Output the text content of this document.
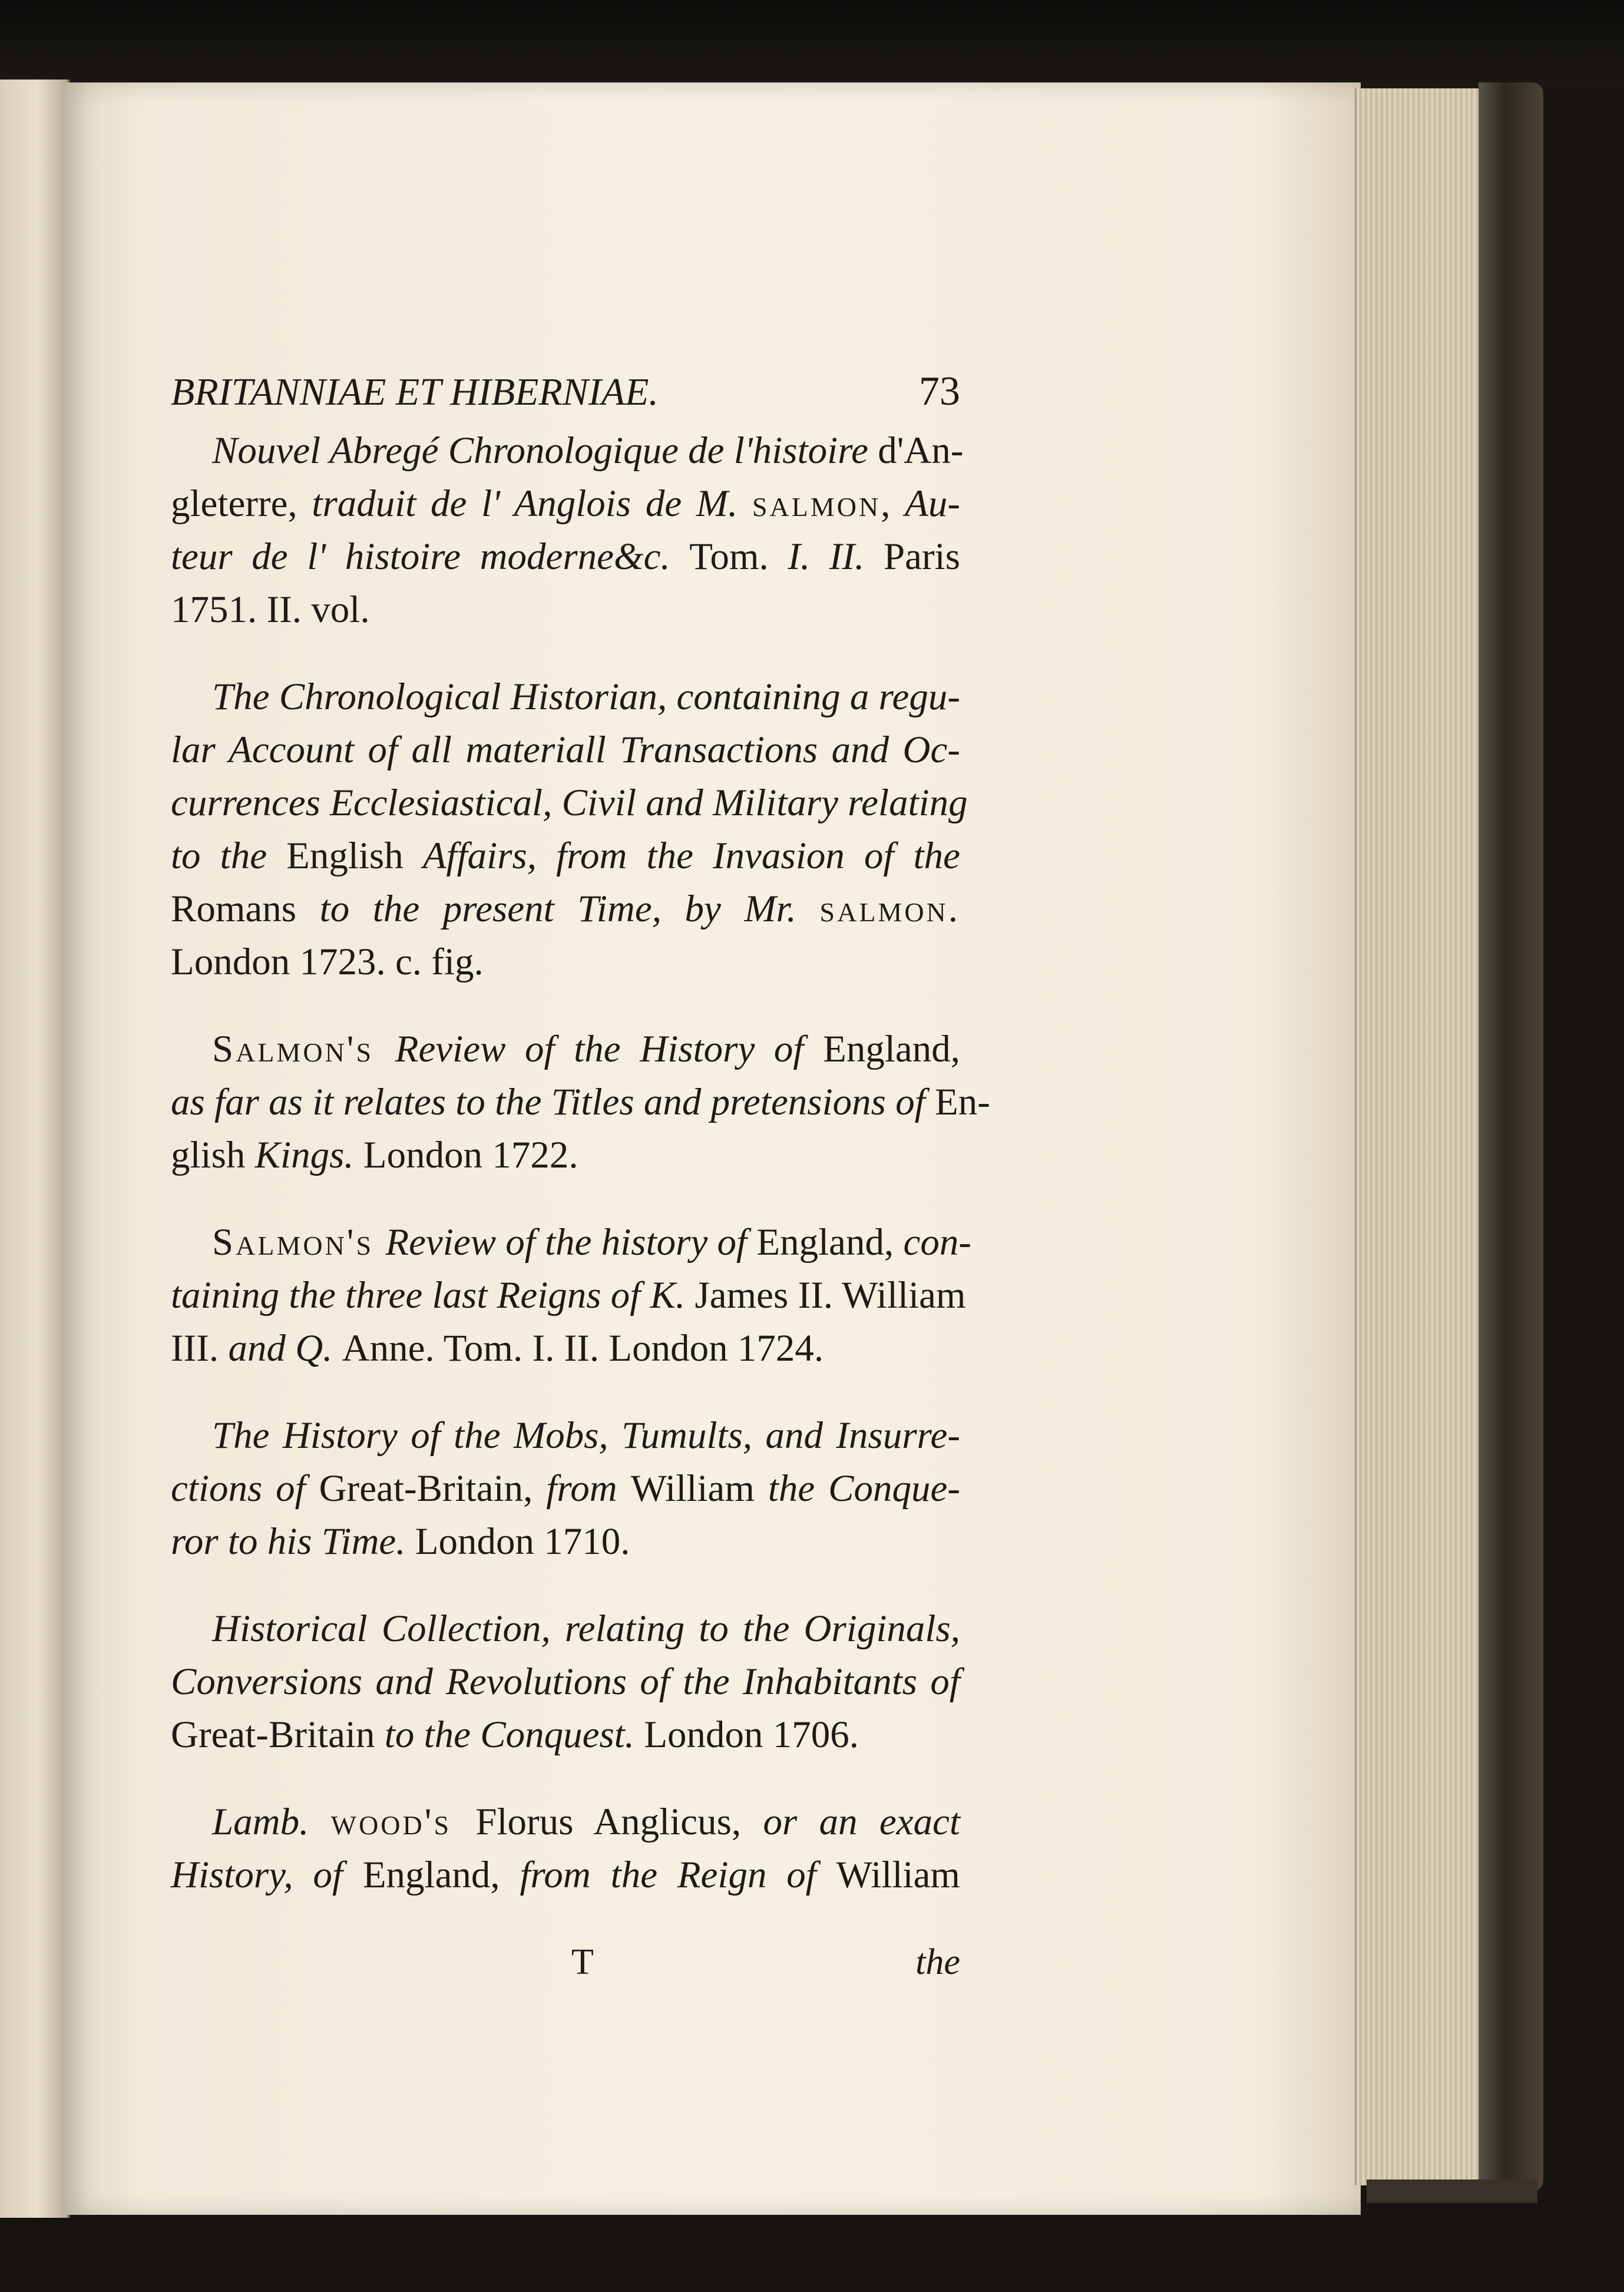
BRITANNIAE ET HIBERNIAE.	73
Nouvel Abregé Chronologique de l'histoire d'An-
gleterre, traduit de l' Anglois de M. salmon, Au-
teur de l' histoire moderne&c. Tom. I. II. Paris
1751. II. vol.
The Chronological Historian, containing a regu-
lar Account of all materiall Transactions and Oc-
currences Ecclesiastical, Civil and Military relating
to the English Affairs, from the Invasion of the
Romans to the present Time, by Mr. salmon.
London 1723. c. fig.
Salmon's Review of the History of England,
as far as it relates to the Titles and pretensions of En-
glish Kings. London 1722.
Salmon's Review of the history of England, con-
taining the three last Reigns of K. James II. William
III. and Q. Anne. Tom. I. II. London 1724.
The History of the Mobs, Tumults, and Insurre-
ctions of Great-Britain, from William the Conque-
ror to his Time. London 1710.
Historical Collection, relating to the Originals,
Conversions and Revolutions of the Inhabitants of
Great-Britain to the Conquest. London 1706.
Lamb. wood's Florus Anglicus, or an exact
History, of England, from the Reign of William
T	the
